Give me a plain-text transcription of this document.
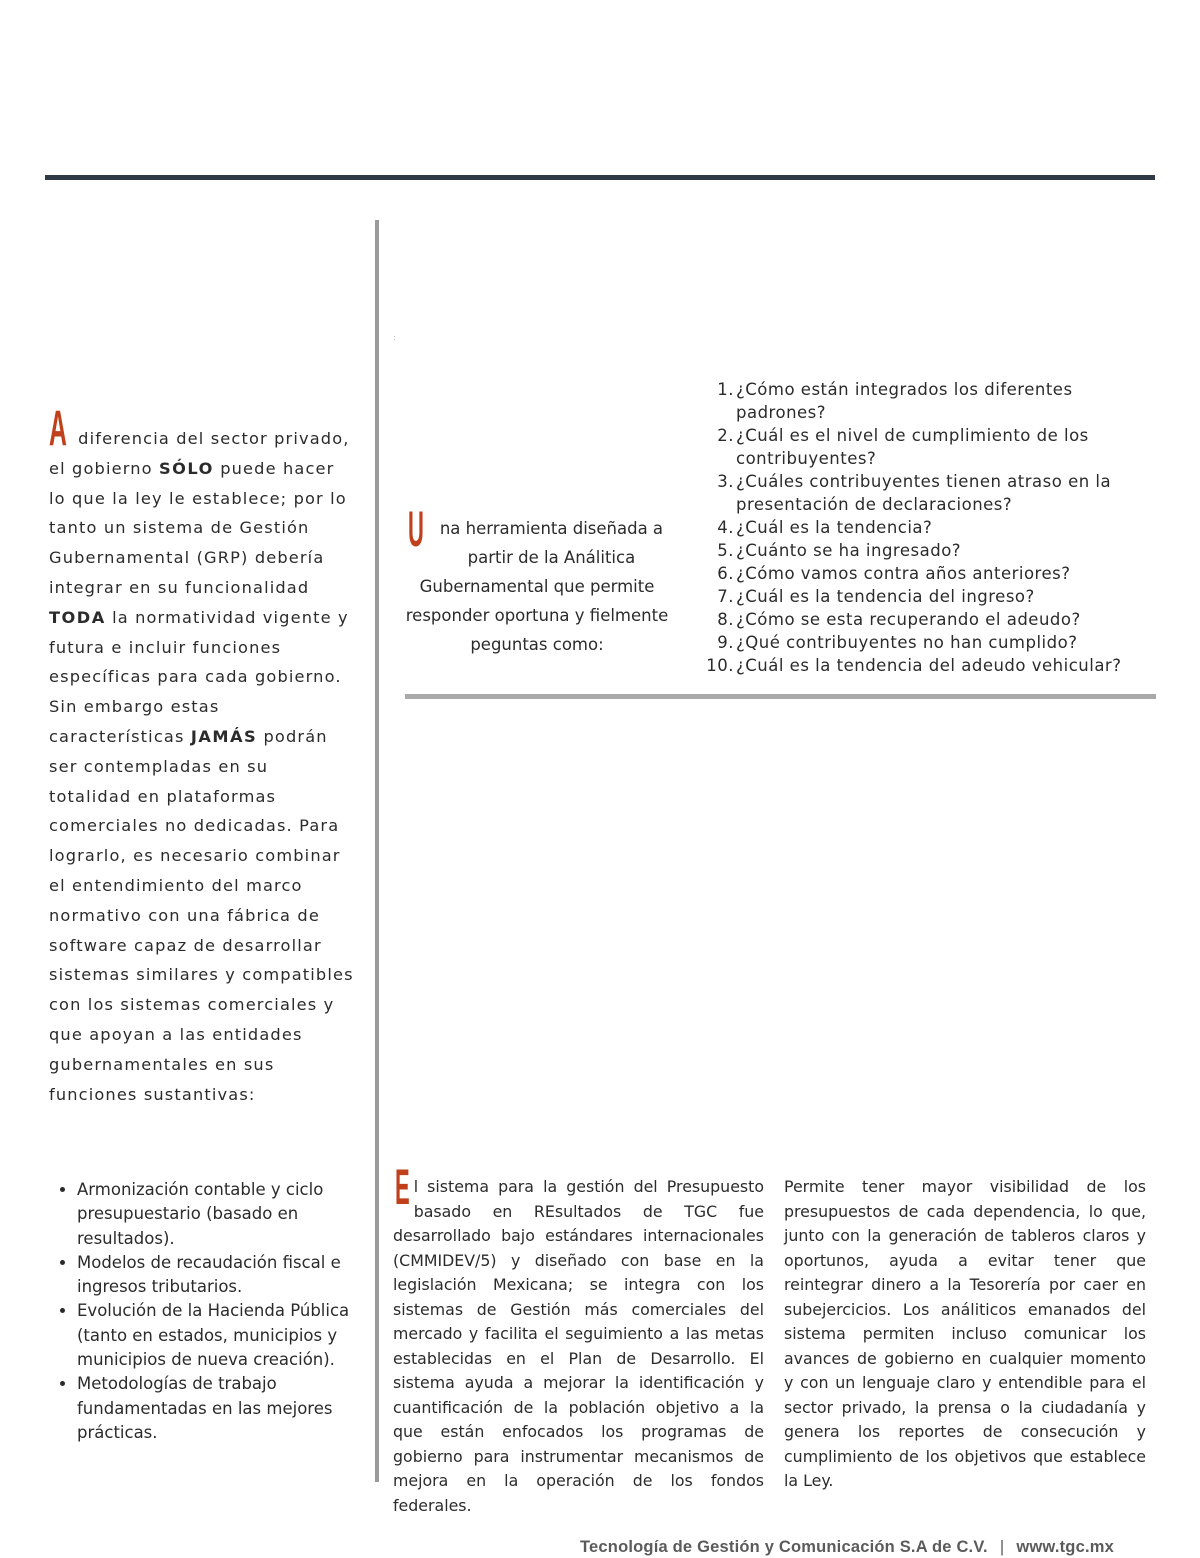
:
A diferencia del sector privado, el gobierno SÓLO puede hacer lo que la ley le establece; por lo tanto un sistema de Gestión Gubernamental (GRP) debería integrar en su funcionalidad TODA la normatividad vigente y futura e incluir funciones específicas para cada gobierno. Sin embargo estas características JAMÁS podrán ser contempladas en su totalidad en plataformas comerciales no dedicadas. Para lograrlo, es necesario combinar el entendimiento del marco normativo con una fábrica de software capaz de desarrollar sistemas similares y compatibles con los sistemas comerciales y que apoyan a las entidades gubernamentales en sus funciones sustantivas:
• Armonización contable y ciclo presupuestario (basado en resultados).
• Modelos de recaudación fiscal e ingresos tributarios.
• Evolución de la Hacienda Pública (tanto en estados, municipios y municipios de nueva creación).
• Metodologías de trabajo fundamentadas en las mejores prácticas.
Una herramienta diseñada a partir de la Análitica Gubernamental que permite responder oportuna y fielmente peguntas como:
1. ¿Cómo están integrados los diferentes padrones?
2. ¿Cuál es el nivel de cumplimiento de los contribuyentes?
3. ¿Cuáles contribuyentes tienen atraso en la presentación de declaraciones?
4. ¿Cuál es la tendencia?
5. ¿Cuánto se ha ingresado?
6. ¿Cómo vamos contra años anteriores?
7. ¿Cuál es la tendencia del ingreso?
8. ¿Cómo se esta recuperando el adeudo?
9. ¿Qué contribuyentes no han cumplido?
10. ¿Cuál es la tendencia del adeudo vehicular?
El sistema para la gestión del Presupuesto basado en REsultados de TGC fue desarrollado bajo estándares internacionales (CMMIDEV/5) y diseñado con base en la legislación Mexicana; se integra con los sistemas de Gestión más comerciales del mercado y facilita el seguimiento a las metas establecidas en el Plan de Desarrollo. El sistema ayuda a mejorar la identificación y cuantificación de la población objetivo a la que están enfocados los programas de gobierno para instrumentar mecanismos de mejora en la operación de los fondos federales.
Permite tener mayor visibilidad de los presupuestos de cada dependencia, lo que, junto con la generación de tableros claros y oportunos, ayuda a evitar tener que reintegrar dinero a la Tesorería por caer en subejercicios. Los análiticos emanados del sistema permiten incluso comunicar los avances de gobierno en cualquier momento y con un lenguaje claro y entendible para el sector privado, la prensa o la ciudadanía y genera los reportes de consecución y cumplimiento de los objetivos que establece la Ley.
Tecnología de Gestión y Comunicación S.A de C.V. | www.tgc.mx
